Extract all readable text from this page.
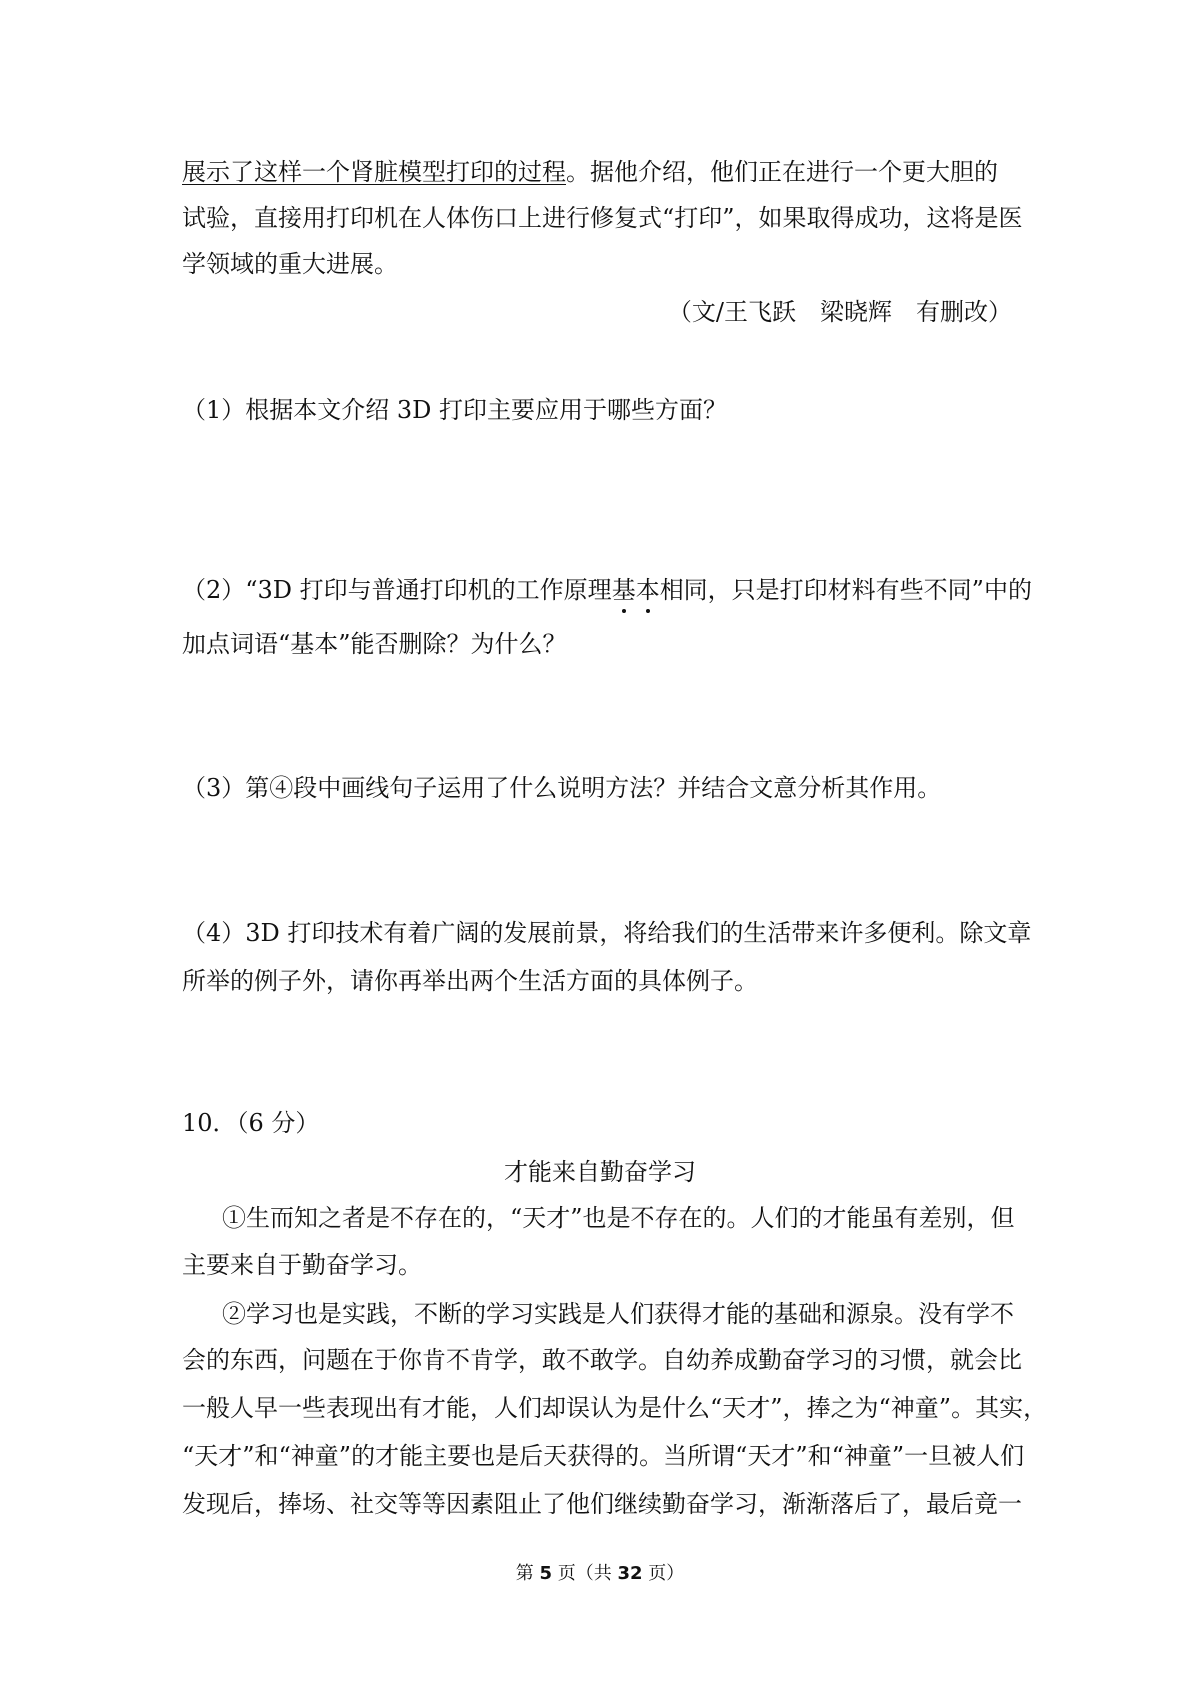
展示了这样一个肾脏模型打印的过程。据他介绍，他们正在进行一个更大胆的
试验，直接用打印机在人体伤口上进行修复式“打印”，如果取得成功，这将是医
学领域的重大进展。
（文/王飞跃　梁晓辉　有删改）
（1）根据本文介绍 3D 打印主要应用于哪些方面？
（2）“3D 打印与普通打印机的工作原理基本相同，只是打印材料有些不同”中的
加点词语“基本”能否删除？为什么？
（3）第④段中画线句子运用了什么说明方法？并结合文意分析其作用。
（4）3D 打印技术有着广阔的发展前景，将给我们的生活带来许多便利。除文章
所举的例子外，请你再举出两个生活方面的具体例子。
10．（6 分）
才能来自勤奋学习
①生而知之者是不存在的，“天才”也是不存在的。人们的才能虽有差别，但
主要来自于勤奋学习。
②学习也是实践，不断的学习实践是人们获得才能的基础和源泉。没有学不
会的东西，问题在于你肯不肯学，敢不敢学。自幼养成勤奋学习的习惯，就会比
一般人早一些表现出有才能，人们却误认为是什么“天才”，捧之为“神童”。其实，
“天才”和“神童”的才能主要也是后天获得的。当所谓“天才”和“神童”一旦被人们
发现后，捧场、社交等等因素阻止了他们继续勤奋学习，渐渐落后了，最后竟一
第 5 页（共 32 页）
